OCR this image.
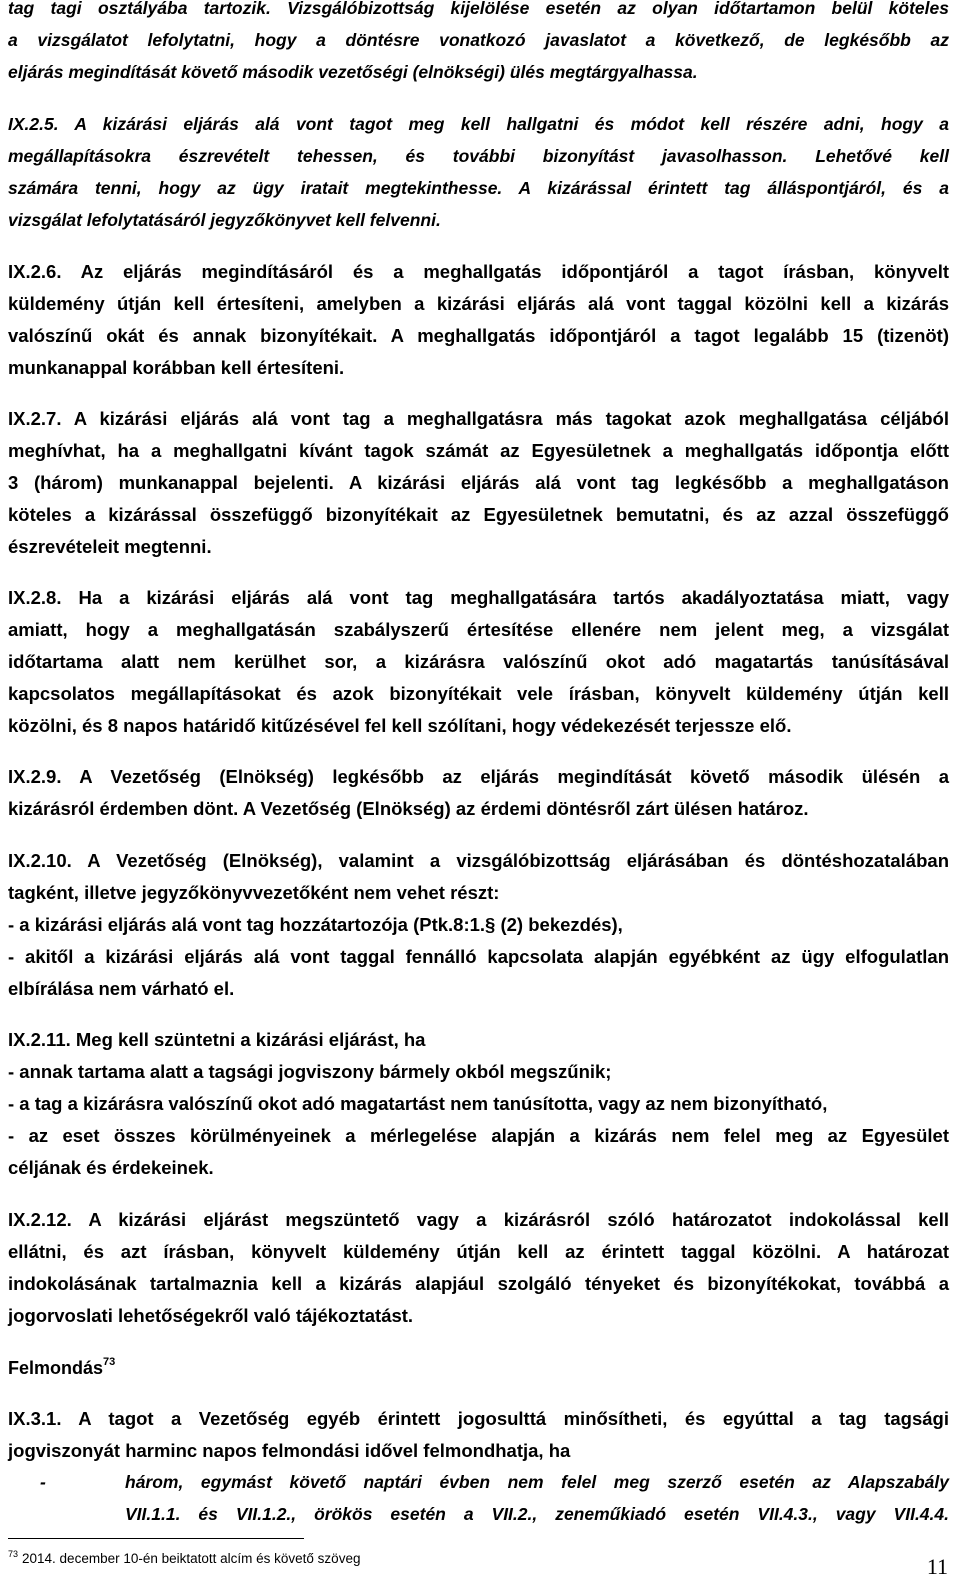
tag tagi osztályába tartozik. Vizsgálóbizottság kijelölése esetén az olyan időtartamon belül köteles
a vizsgálatot lefolytatni, hogy a döntésre vonatkozó javaslatot a következő, de legkésőbb az
eljárás megindítását követő második vezetőségi (elnökségi) ülés megtárgyalhassa.
IX.2.5. A kizárási eljárás alá vont tagot meg kell hallgatni és módot kell részére adni, hogy a
megállapításokra észrevételt tehessen, és további bizonyítást javasolhasson. Lehetővé kell
számára tenni, hogy az ügy iratait megtekinthesse. A kizárással érintett tag álláspontjáról, és a
vizsgálat lefolytatásáról jegyzőkönyvet kell felvenni.
IX.2.6. Az eljárás megindításáról és a meghallgatás időpontjáról a tagot írásban, könyvelt
küldemény útján kell értesíteni, amelyben a kizárási eljárás alá vont taggal közölni kell a kizárás
valószínű okát és annak bizonyítékait. A meghallgatás időpontjáról a tagot legalább 15 (tizenöt)
munkanappal korábban kell értesíteni.
IX.2.7. A kizárási eljárás alá vont tag a meghallgatásra más tagokat azok meghallgatása céljából
meghívhat, ha a meghallgatni kívánt tagok számát az Egyesületnek a meghallgatás időpontja előtt
3 (három) munkanappal bejelenti. A kizárási eljárás alá vont tag legkésőbb a meghallgatáson
köteles a kizárással összefüggő bizonyítékait az Egyesületnek bemutatni, és az azzal összefüggő
észrevételeit megtenni.
IX.2.8. Ha a kizárási eljárás alá vont tag meghallgatására tartós akadályoztatása miatt, vagy
amiatt, hogy a meghallgatásán szabályszerű értesítése ellenére nem jelent meg, a vizsgálat
időtartama alatt nem kerülhet sor, a kizárásra valószínű okot adó magatartás tanúsításával
kapcsolatos megállapításokat és azok bizonyítékait vele írásban, könyvelt küldemény útján kell
közölni, és 8 napos határidő kitűzésével fel kell szólítani, hogy védekezését terjessze elő.
IX.2.9. A Vezetőség (Elnökség) legkésőbb az eljárás megindítását követő második ülésén a
kizárásról érdemben dönt. A Vezetőség (Elnökség) az érdemi döntésről zárt ülésen határoz.
IX.2.10. A Vezetőség (Elnökség), valamint a vizsgálóbizottság eljárásában és döntéshozatalában
tagként, illetve jegyzőkönyvvezetőként nem vehet részt:
- a kizárási eljárás alá vont tag hozzátartozója (Ptk.8:1.§ (2) bekezdés),
- akitől a kizárási eljárás alá vont taggal fennálló kapcsolata alapján egyébként az ügy elfogulatlan
elbírálása nem várható el.
IX.2.11. Meg kell szüntetni a kizárási eljárást, ha
- annak tartama alatt a tagsági jogviszony bármely okból megszűnik;
- a tag a kizárásra valószínű okot adó magatartást nem tanúsította, vagy az nem bizonyítható,
- az eset összes körülményeinek a mérlegelése alapján a kizárás nem felel meg az Egyesület
céljának és érdekeinek.
IX.2.12. A kizárási eljárást megszüntető vagy a kizárásról szóló határozatot indokolással kell
ellátni, és azt írásban, könyvelt küldemény útján kell az érintett taggal közölni. A határozat
indokolásának tartalmaznia kell a kizárás alapjául szolgáló tényeket és bizonyítékokat, továbbá a
jogorvoslati lehetőségekről való tájékoztatást.
Felmondás$^{73}$
IX.3.1. A tagot a Vezetőség egyéb érintett jogosulttá minősítheti, és egyúttal a tag tagsági
jogviszonyát harminc napos felmondási idővel felmondhatja, ha
-	három, egymást követő naptári évben nem felel meg szerző esetén az Alapszabály
VII.1.1. és VII.1.2., örökös esetén a VII.2., zeneműkiadó esetén VII.4.3., vagy VII.4.4.
$^{73}$ 2014. december 10-én beiktatott alcím és követő szöveg	11
